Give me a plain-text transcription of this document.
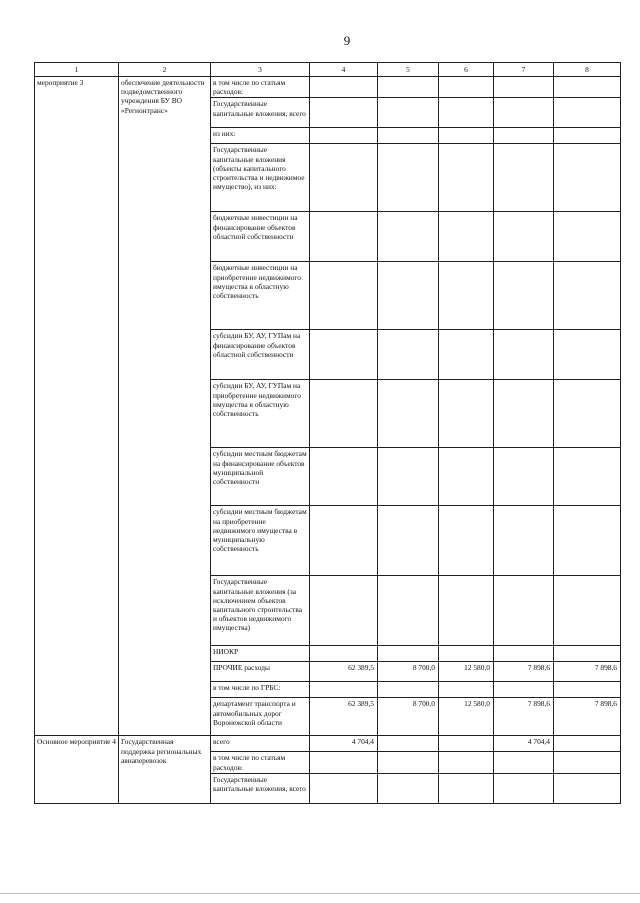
9
1	2	3	4	5	6	7	8
мероприятие 3	обеспечение деятельности подведомственного учреждения БУ ВО «Регионтранс»	в том числе по статьям расходов:					
		Государственные капитальные вложения, всего					
		из них:					
		Государственные капитальные вложения (объекты капитального строительства и недвижимое имущество), из них:					
		бюджетные инвестиции на финансирование объектов областной собственности					
		бюджетные инвестиции на приобретение недвижимого имущества в областную собственность					
		субсидии БУ, АУ, ГУПам на финансирование объектов областной собственности					
		субсидии БУ, АУ, ГУПам на приобретение недвижимого имущества в областную собственность					
		субсидии местным бюджетам на финансирование объектов муниципальной собственности					
		субсидии местным бюджетам на приобретение недвижимого имущества в муниципальную собственность					
		Государственные капитальные вложения (за исключением объектов капитального строительства и объектов недвижимого имущества)					
		НИОКР					
		ПРОЧИЕ расходы	62 389,5	8 700,0	12 580,0	7 898,6	7 898,6
		в том числе по ГРБС:					
		департамент транспорта и автомобильных дорог Воронежской области	62 389,5	8 700,0	12 580,0	7 898,6	7 898,6
Основное мероприятие 4	Государственная поддержка региональных авиаперевозок	всего	4 704,4			4 704,4	
		в том числе по статьям расходов:					
		Государственные капитальные вложения, всего					
